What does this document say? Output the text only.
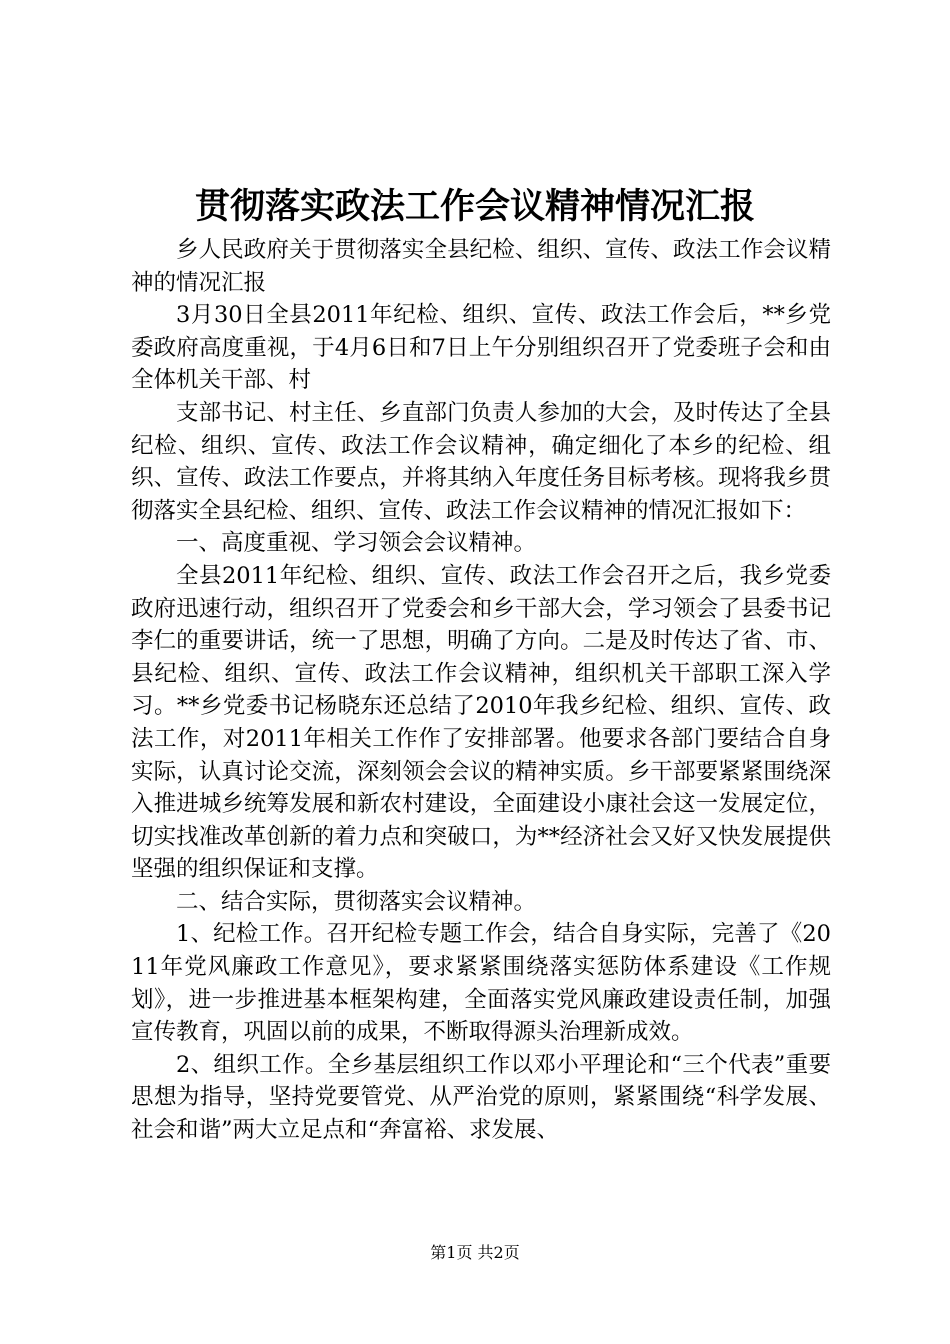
贯彻落实政法工作会议精神情况汇报

乡人民政府关于贯彻落实全县纪检、组织、宣传、政法工作会议精神的情况汇报

3月30日全县2011年纪检、组织、宣传、政法工作会后，**乡党委政府高度重视，于4月6日和7日上午分别组织召开了党委班子会和由全体机关干部、村

支部书记、村主任、乡直部门负责人参加的大会，及时传达了全县纪检、组织、宣传、政法工作会议精神，确定细化了本乡的纪检、组织、宣传、政法工作要点，并将其纳入年度任务目标考核。现将我乡贯彻落实全县纪检、组织、宣传、政法工作会议精神的情况汇报如下：

一、高度重视、学习领会会议精神。

全县2011年纪检、组织、宣传、政法工作会召开之后，我乡党委政府迅速行动，组织召开了党委会和乡干部大会，学习领会了县委书记李仁的重要讲话，统一了思想，明确了方向。二是及时传达了省、市、县纪检、组织、宣传、政法工作会议精神，组织机关干部职工深入学习。**乡党委书记杨晓东还总结了2010年我乡纪检、组织、宣传、政法工作，对2011年相关工作作了安排部署。他要求各部门要结合自身实际，认真讨论交流，深刻领会会议的精神实质。乡干部要紧紧围绕深入推进城乡统筹发展和新农村建设，全面建设小康社会这一发展定位，切实找准改革创新的着力点和突破口，为**经济社会又好又快发展提供坚强的组织保证和支撑。

二、结合实际，贯彻落实会议精神。

1、纪检工作。召开纪检专题工作会，结合自身实际，完善了《2011年党风廉政工作意见》，要求紧紧围绕落实惩防体系建设《工作规划》，进一步推进基本框架构建，全面落实党风廉政建设责任制，加强宣传教育，巩固以前的成果，不断取得源头治理新成效。

2、组织工作。全乡基层组织工作以邓小平理论和“三个代表”重要思想为指导，坚持党要管党、从严治党的原则，紧紧围绕“科学发展、社会和谐”两大立足点和“奔富裕、求发展、

第1页 共2页
